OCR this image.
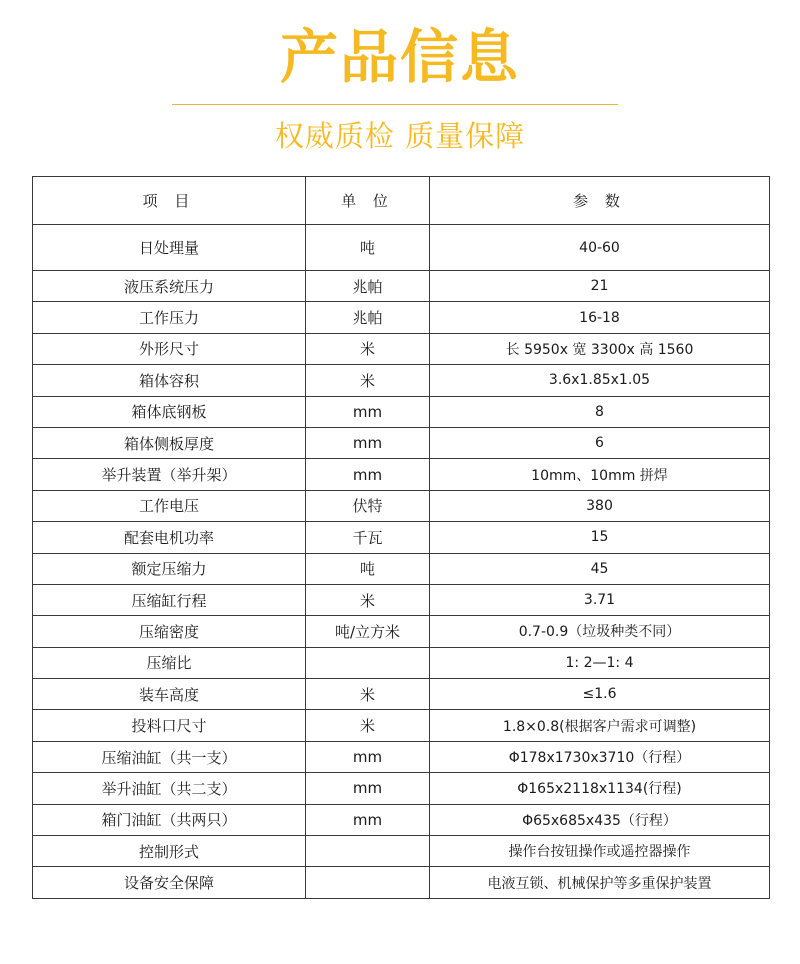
产品信息
权威质检 质量保障
项 目	单 位	参 数
日处理量	吨	40-60
液压系统压力	兆帕	21
工作压力	兆帕	16-18
外形尺寸	米	长 5950x 宽 3300x 高 1560
箱体容积	米	3.6x1.85x1.05
箱体底钢板	mm	8
箱体侧板厚度	mm	6
举升装置（举升架）	mm	10mm、10mm 拼焊
工作电压	伏特	380
配套电机功率	千瓦	15
额定压缩力	吨	45
压缩缸行程	米	3.71
压缩密度	吨/立方米	0.7-0.9（垃圾种类不同）
压缩比		1: 2—1: 4
装车高度	米	≤1.6
投料口尺寸	米	1.8×0.8(根据客户需求可调整)
压缩油缸（共一支）	mm	Φ178x1730x3710（行程）
举升油缸（共二支）	mm	Φ165x2118x1134(行程)
箱门油缸（共两只）	mm	Φ65x685x435（行程）
控制形式		操作台按钮操作或遥控器操作
设备安全保障		电液互锁、机械保护等多重保护装置
